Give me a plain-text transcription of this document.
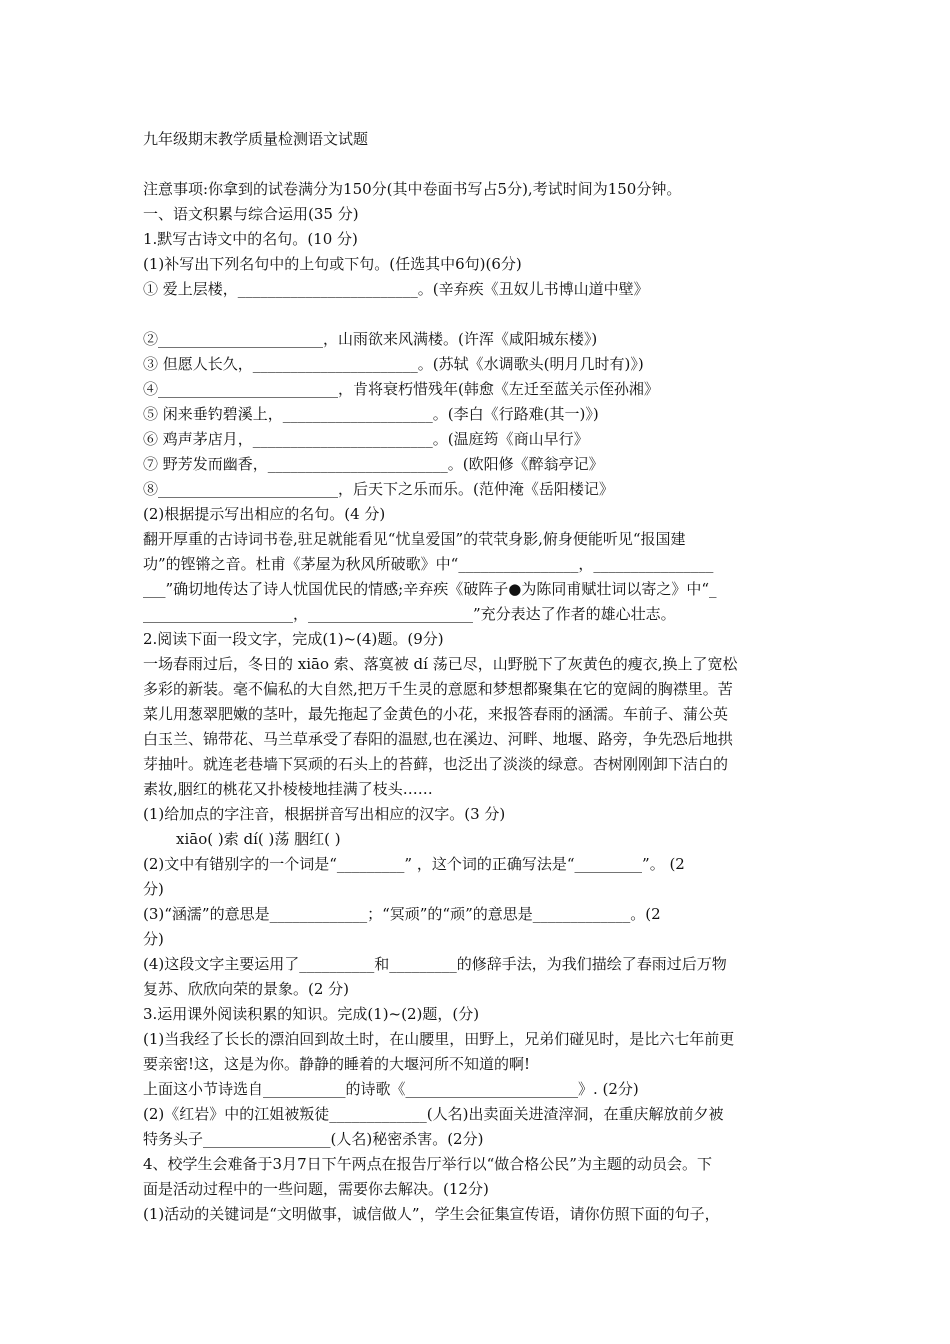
九年级期末教学质量检测语文试题
注意事项:你拿到的试卷满分为150分(其中卷面书写占5分),考试时间为150分钟。
一、语文积累与综合运用(35 分)
1.默写古诗文中的名句。(10 分)
(1)补写出下列名句中的上句或下句。(任选其中6句)(6分)
① 爱上层楼，________________________。(辛弃疾《丑奴儿书博山道中壁》
②______________________，山雨欲来风满楼。(许浑《咸阳城东楼》)
③ 但愿人长久，______________________。(苏轼《水调歌头(明月几时有)》)
④________________________，肯将衰朽惜残年(韩愈《左迁至蓝关示侄孙湘》
⑤ 闲来垂钓碧溪上，____________________。(李白《行路难(其一)》)
⑥ 鸡声茅店月，________________________。(温庭筠《商山早行》
⑦ 野芳发而幽香，________________________。(欧阳修《醉翁亭记》
⑧________________________，后天下之乐而乐。(范仲淹《岳阳楼记》
(2)根据提示写出相应的名句。(4 分)
翻开厚重的古诗词书卷,驻足就能看见“忧皇爱国”的茕茕身影,俯身便能听见“报国建
功”的铿锵之音。杜甫《茅屋为秋风所破歌》中“________________，________________
___”确切地传达了诗人忧国优民的情感;辛弃疾《破阵子●为陈同甫赋壮词以寄之》中“_
____________________，______________________”充分表达了作者的雄心壮志。
2.阅读下面一段文字，完成(1)~(4)题。(9分)
一场春雨过后，冬日的 xiāo 索、落寞被 dí 荡已尽，山野脱下了灰黄色的瘦衣,换上了宽松
多彩的新装。毫不偏私的大自然,把万千生灵的意愿和梦想都聚集在它的宽阔的胸襟里。苦
菜儿用葱翠肥嫩的茎叶，最先拖起了金黄色的小花，来报答春雨的涵濡。车前子、蒲公英
白玉兰、锦带花、马兰草承受了春阳的温慰,也在溪边、河畔、地堰、路旁，争先恐后地拱
芽抽叶。就连老巷墙下冥顽的石头上的苔藓，也泛出了淡淡的绿意。杏树刚刚卸下洁白的
素妆,胭红的桃花又扑棱棱地挂满了枝头……
(1)给加点的字注音，根据拼音写出相应的汉字。(3 分)
xiāo( )索 dí( )荡 胭红( )
(2)文中有错别字的一个词是“_________” ，这个词的正确写法是“_________”。 (2
分)
(3)“涵濡”的意思是_____________；“冥顽”的“顽”的意思是_____________。(2
分)
(4)这段文字主要运用了__________和_________的修辞手法，为我们描绘了春雨过后万物
复苏、欣欣向荣的景象。(2 分)
3.运用课外阅读积累的知识。完成(1)~(2)题，(分)
(1)当我经了长长的漂泊回到故土时，在山腰里，田野上，兄弟们碰见时，是比六七年前更
要亲密!这，这是为你。静静的睡着的大堰河所不知道的啊!
上面这小节诗选自___________的诗歌《_______________________》. (2分)
(2)《红岩》中的江姐被叛徒_____________(人名)出卖面关进渣滓洞，在重庆解放前夕被
特务头子_________________(人名)秘密杀害。(2分)
4、校学生会难备于3月7日下午两点在报告厅举行以“做合格公民”为主题的动员会。下
面是活动过程中的一些问题，需要你去解决。(12分)
(1)活动的关键词是“文明做事，诚信做人”，学生会征集宣传语，请你仿照下面的句子，
